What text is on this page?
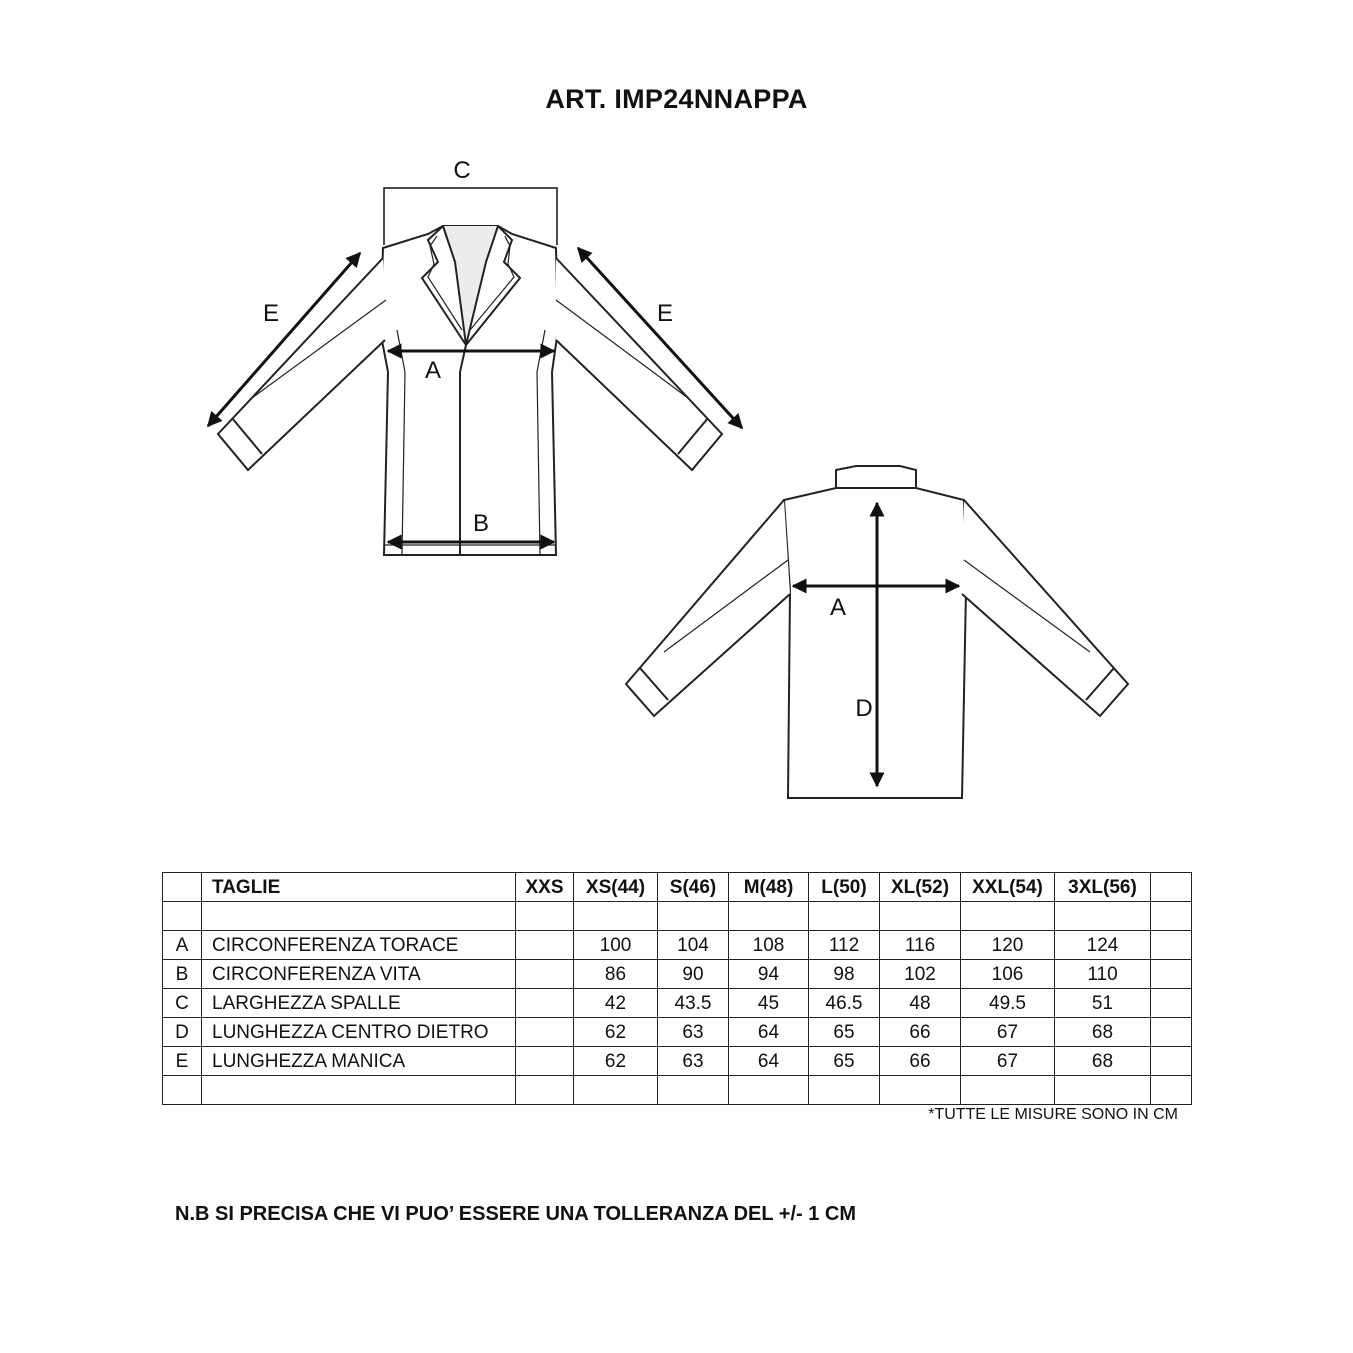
ART. IMP24NNAPPA
C
E	E
A
B
A
D
	TAGLIE	XXS	XS(44)	S(46)	M(48)	L(50)	XL(52)	XXL(54)	3XL(56)	

A	CIRCONFERENZA TORACE		100	104	108	112	116	120	124	
B	CIRCONFERENZA VITA		86	90	94	98	102	106	110	
C	LARGHEZZA SPALLE		42	43.5	45	46.5	48	49.5	51	
D	LUNGHEZZA CENTRO DIETRO		62	63	64	65	66	67	68	
E	LUNGHEZZA MANICA		62	63	64	65	66	67	68	

*TUTTE LE MISURE SONO IN CM
N.B SI PRECISA CHE VI PUO’ ESSERE UNA TOLLERANZA DEL +/- 1 CM
